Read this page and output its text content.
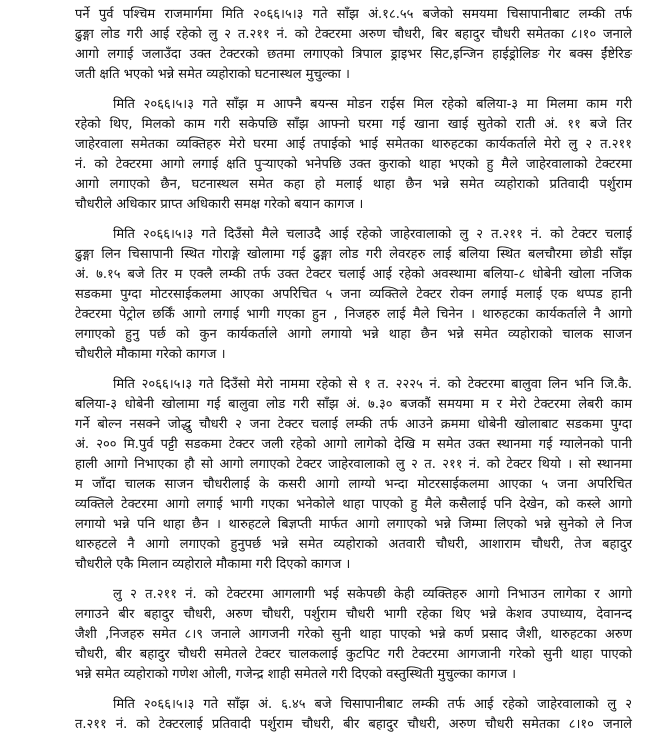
पर्ने पुर्व पश्चिम राजमार्गमा मिति २०६६।५।३ गते साँझ अं.१८.५५ बजेको समयमा चिसापानीबाट लम्की तर्फ
ढुङ्गा लोड गरी आई रहेको लु २ त.२११ नं. को टेक्टरमा अरुण चौधरी, बिर बहादुर चौधरी समेतका ८।१० जनाले
आगो लगाई जलाउँदा उक्त टेक्टरको छतमा लगाएको त्रिपाल ड्राइभर सिट,इन्जिन हाईड्रोलिङ गेर बक्स ईंष्टेरिङ
जती क्षति भएको भन्ने समेत व्यहोराको घटनास्थल मुचुल्का ।
मिति २०६६।५।३ गते साँझ म आफ्नै बयन्स मोडन राईस मिल रहेको बलिया-३ मा मिलमा काम गरी
रहेको थिए, मिलको काम गरी सकेपछि साँझ आफ्नो घरमा गई खाना खाई सुतेको राती अं. ११ बजे तिर
जाहेरवाला समेतका व्यक्तिहरु मेरो घरमा आई तपाईको भाई समेतका थारुहटका कार्यकर्ताले मेरो लु २ त.२११
नं. को टेक्टरमा आगो लगाई क्षति पुर्‍याएको भनेपछि उक्त कुराको थाहा भएको हु मैले जाहेरवालाको टेक्टरमा
आगो लगाएको छैन, घटनास्थल समेत कहा हो मलाई थाहा छैन भन्ने समेत व्यहोराको प्रतिवादी पर्शुराम
चौधरीले अधिकार प्राप्त अधिकारी समक्ष गरेको बयान कागज ।
मिति २०६६।५।३ गते दिउँसो मैले चलाउदै आई रहेको जाहेरवालाको लु २ त.२११ नं. को टेक्टर चलाई
ढुङ्गा लिन चिसापानी स्थित गोराङ्गे खोलामा गई ढुङ्गा लोड गरी लेवरहरु लाई बलिया स्थित बलचौरमा छोडी साँझ
अं. ७.१५ बजे तिर म एक्लै लम्की तर्फ उक्त टेक्टर चलाई आई रहेको अवस्थामा बलिया-८ धोबेनी खोला नजिक
सडकमा पुग्दा मोटरसाईकलमा आएका अपरिचित ५ जना व्यक्तिले टेक्टर रोक्न लगाई मलाई एक थप्पड हानी
टेक्टरमा पेट्रोल छर्किं आगो लगाई भागी गएका हुन , निजहरु लाई मैले चिनेन । थारुहटका कार्यकर्ताले नै आगो
लगाएको हुनु पर्छ को कुन कार्यकर्ताले आगो लगायो भन्ने थाहा छैन भन्ने समेत व्यहोराको चालक साजन
चौधरीले मौकामा गरेको कागज ।
मिति २०६६।५।३ गते दिउँसो मेरो नाममा रहेको से १ त. २२२५ नं. को टेक्टरमा बालुवा लिन भनि जि.कै.
बलिया-३ धोबेनी खोलामा गई बालुवा लोड गरी साँझ अं. ७.३० बजकौं समयमा म र मेरो टेक्टरमा लेबरी काम
गर्ने बोल्न नसक्ने जोद्धु चौधरी २ जना टेक्टर चलाई लम्की तर्फ आउने क्रममा धोबेनी खोलाबाट सडकमा पुग्दा
अं. २०० मि.पुर्व पट्टी सडकमा टेक्टर जली रहेको आगो लागेको देखि म समेत उक्त स्थानमा गई ग्यालेनको पानी
हाली आगो निभाएका हौ सो आगो लगाएको टेक्टर जाहेरवालाको लु २ त. २११ नं. को टेक्टर थियो । सो स्थानमा
म जाँदा चालक साजन चौधरीलाई के कसरी आगो लाग्यो भन्दा मोटरसाईकलमा आएका ५ जना अपरिचित
व्यक्तिले टेक्टरमा आगो लगाई भागी गएका भनेकोले थाहा पाएको हु मैले कसैलाई पनि देखेन, को कस्ले आगो
लगायो भन्ने पनि थाहा छैन । थारुहटले बिज्ञप्ती मार्फत आगो लगाएको भन्ने जिम्मा लिएको भन्ने सुनेको ले निज
थारुहटले नै आगो लगाएको हुनुपर्छ भन्ने समेत व्यहोराको अतवारी चौधरी, आशाराम चौधरी, तेज बहादुर
चौधरीले एकै मिलान व्यहोराले मौकामा गरी दिएको कागज ।
लु २ त.२११ नं. को टेक्टरमा आगलागी भई सकेपछी केही व्यक्तिहरु आगो निभाउन लागेका र आगो
लगाउने बीर बहादुर चौधरी, अरुण चौधरी, पर्शुराम चौधरी भागी रहेका थिए भन्ने केशव उपाध्याय, देवानन्द
जैशी ,निजहरु समेत ८।९ जनाले आगजनी गरेको सुनी थाहा पाएको भन्ने कर्ण प्रसाद जैशी, थारुहटका अरुण
चौधरी, बीर बहादुर चौधरी समेतले टेक्टर चालकलाई कुटपिट गरी टेक्टरमा आगजानी गरेको सुनी थाहा पाएको
भन्ने समेत व्यहोराको गणेश ओली, गजेन्द्र शाही समेतले गरी दिएको वस्तुस्थिती मुचुल्का कागज ।
मिति २०६६।५।३ गते साँझ अं. ६.४५ बजे चिसापानीबाट लम्की तर्फ आई रहेको जाहेरवालाको लु २
त.२११ नं. को टेक्टरलाई प्रतिवादी पर्शुराम चौधरी, बीर बहादुर चौधरी, अरुण चौधरी समेतका ८।१० जनाले
